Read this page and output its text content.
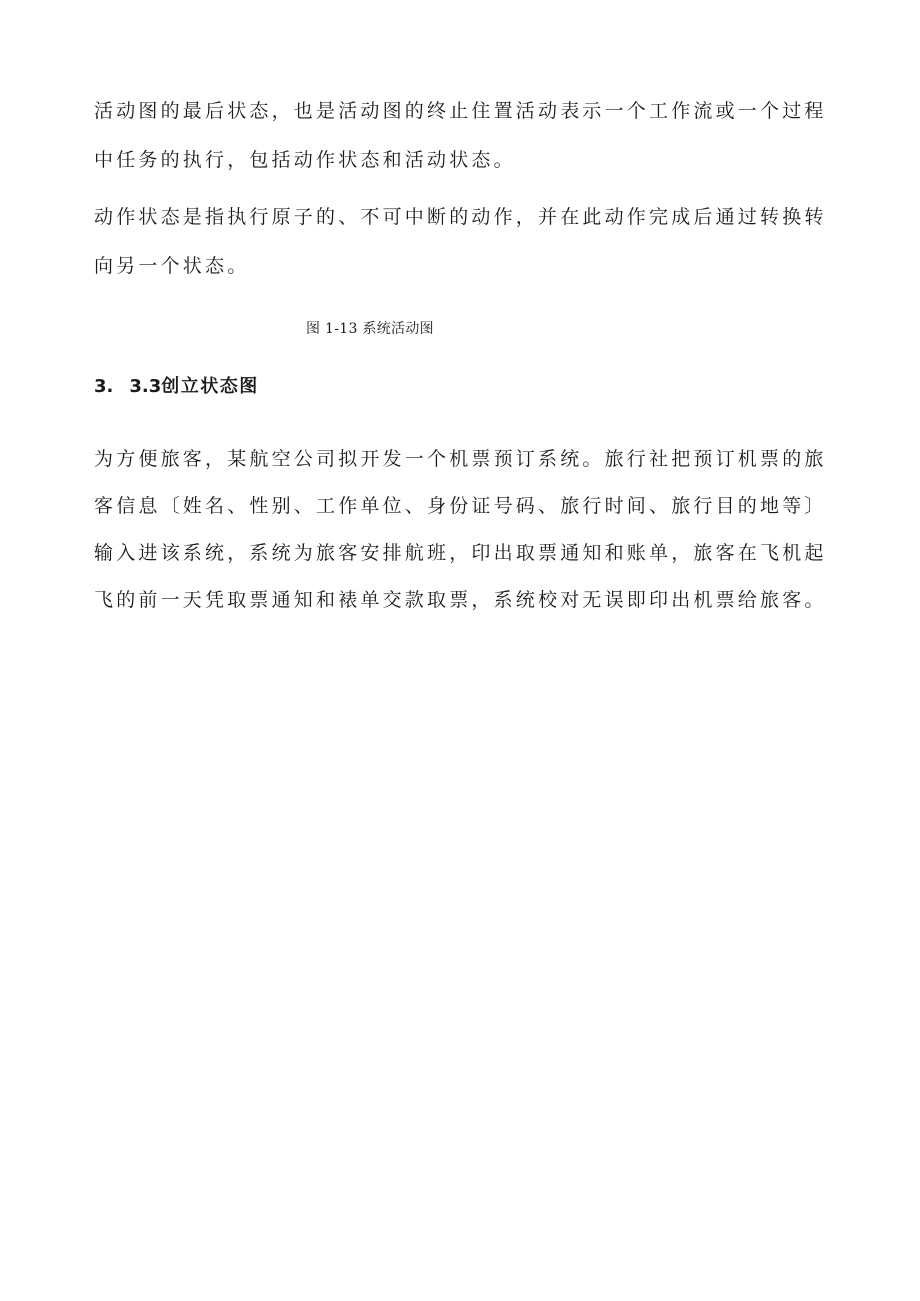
活动图的最后状态，也是活动图的终止住置活动表示一个工作流或一个过程中任务的执行，包括动作状态和活动状态。

动作状态是指执行原子的、不可中断的动作，并在此动作完成后通过转换转向另一个状态。

图 1-13 系统活动图

3. 3.3创立状态图

为方便旅客，某航空公司拟开发一个机票预订系统。旅行社把预订机票的旅客信息〔姓名、性别、工作单位、身份证号码、旅行时间、旅行目的地等〕输入进该系统，系统为旅客安排航班，印出取票通知和账单，旅客在飞机起飞的前一天凭取票通知和裱单交款取票，系统校对无误即印出机票给旅客。
